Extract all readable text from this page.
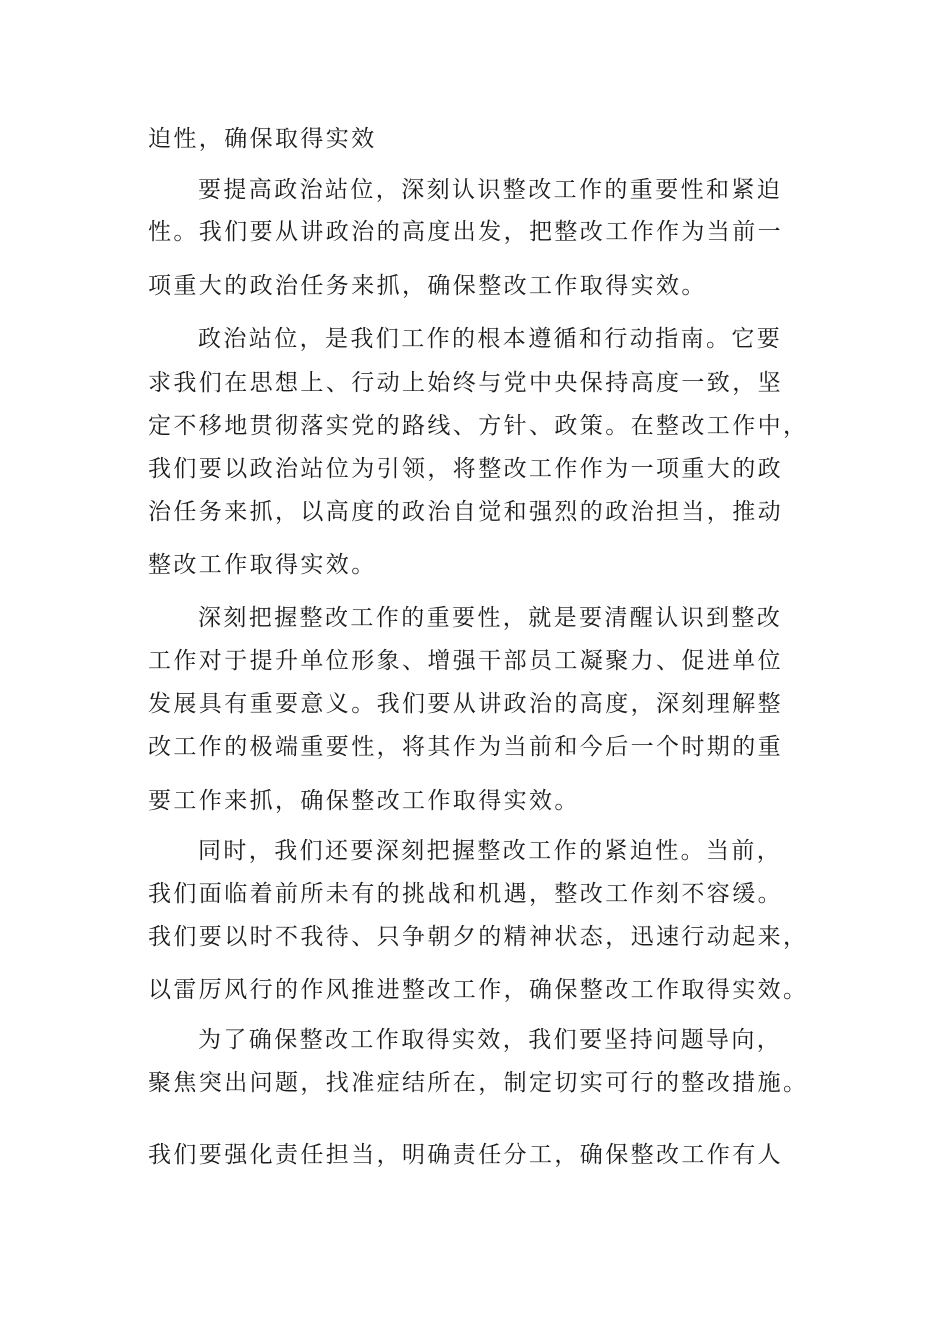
迫性，确保取得实效
要提高政治站位，深刻认识整改工作的重要性和紧迫
性。我们要从讲政治的高度出发，把整改工作作为当前一
项重大的政治任务来抓，确保整改工作取得实效。
政治站位，是我们工作的根本遵循和行动指南。它要
求我们在思想上、行动上始终与党中央保持高度一致，坚
定不移地贯彻落实党的路线、方针、政策。在整改工作中，
我们要以政治站位为引领，将整改工作作为一项重大的政
治任务来抓，以高度的政治自觉和强烈的政治担当，推动
整改工作取得实效。
深刻把握整改工作的重要性，就是要清醒认识到整改
工作对于提升单位形象、增强干部员工凝聚力、促进单位
发展具有重要意义。我们要从讲政治的高度，深刻理解整
改工作的极端重要性，将其作为当前和今后一个时期的重
要工作来抓，确保整改工作取得实效。
同时，我们还要深刻把握整改工作的紧迫性。当前，
我们面临着前所未有的挑战和机遇，整改工作刻不容缓。
我们要以时不我待、只争朝夕的精神状态，迅速行动起来，
以雷厉风行的作风推进整改工作，确保整改工作取得实效。
为了确保整改工作取得实效，我们要坚持问题导向，
聚焦突出问题，找准症结所在，制定切实可行的整改措施。
我们要强化责任担当，明确责任分工，确保整改工作有人
